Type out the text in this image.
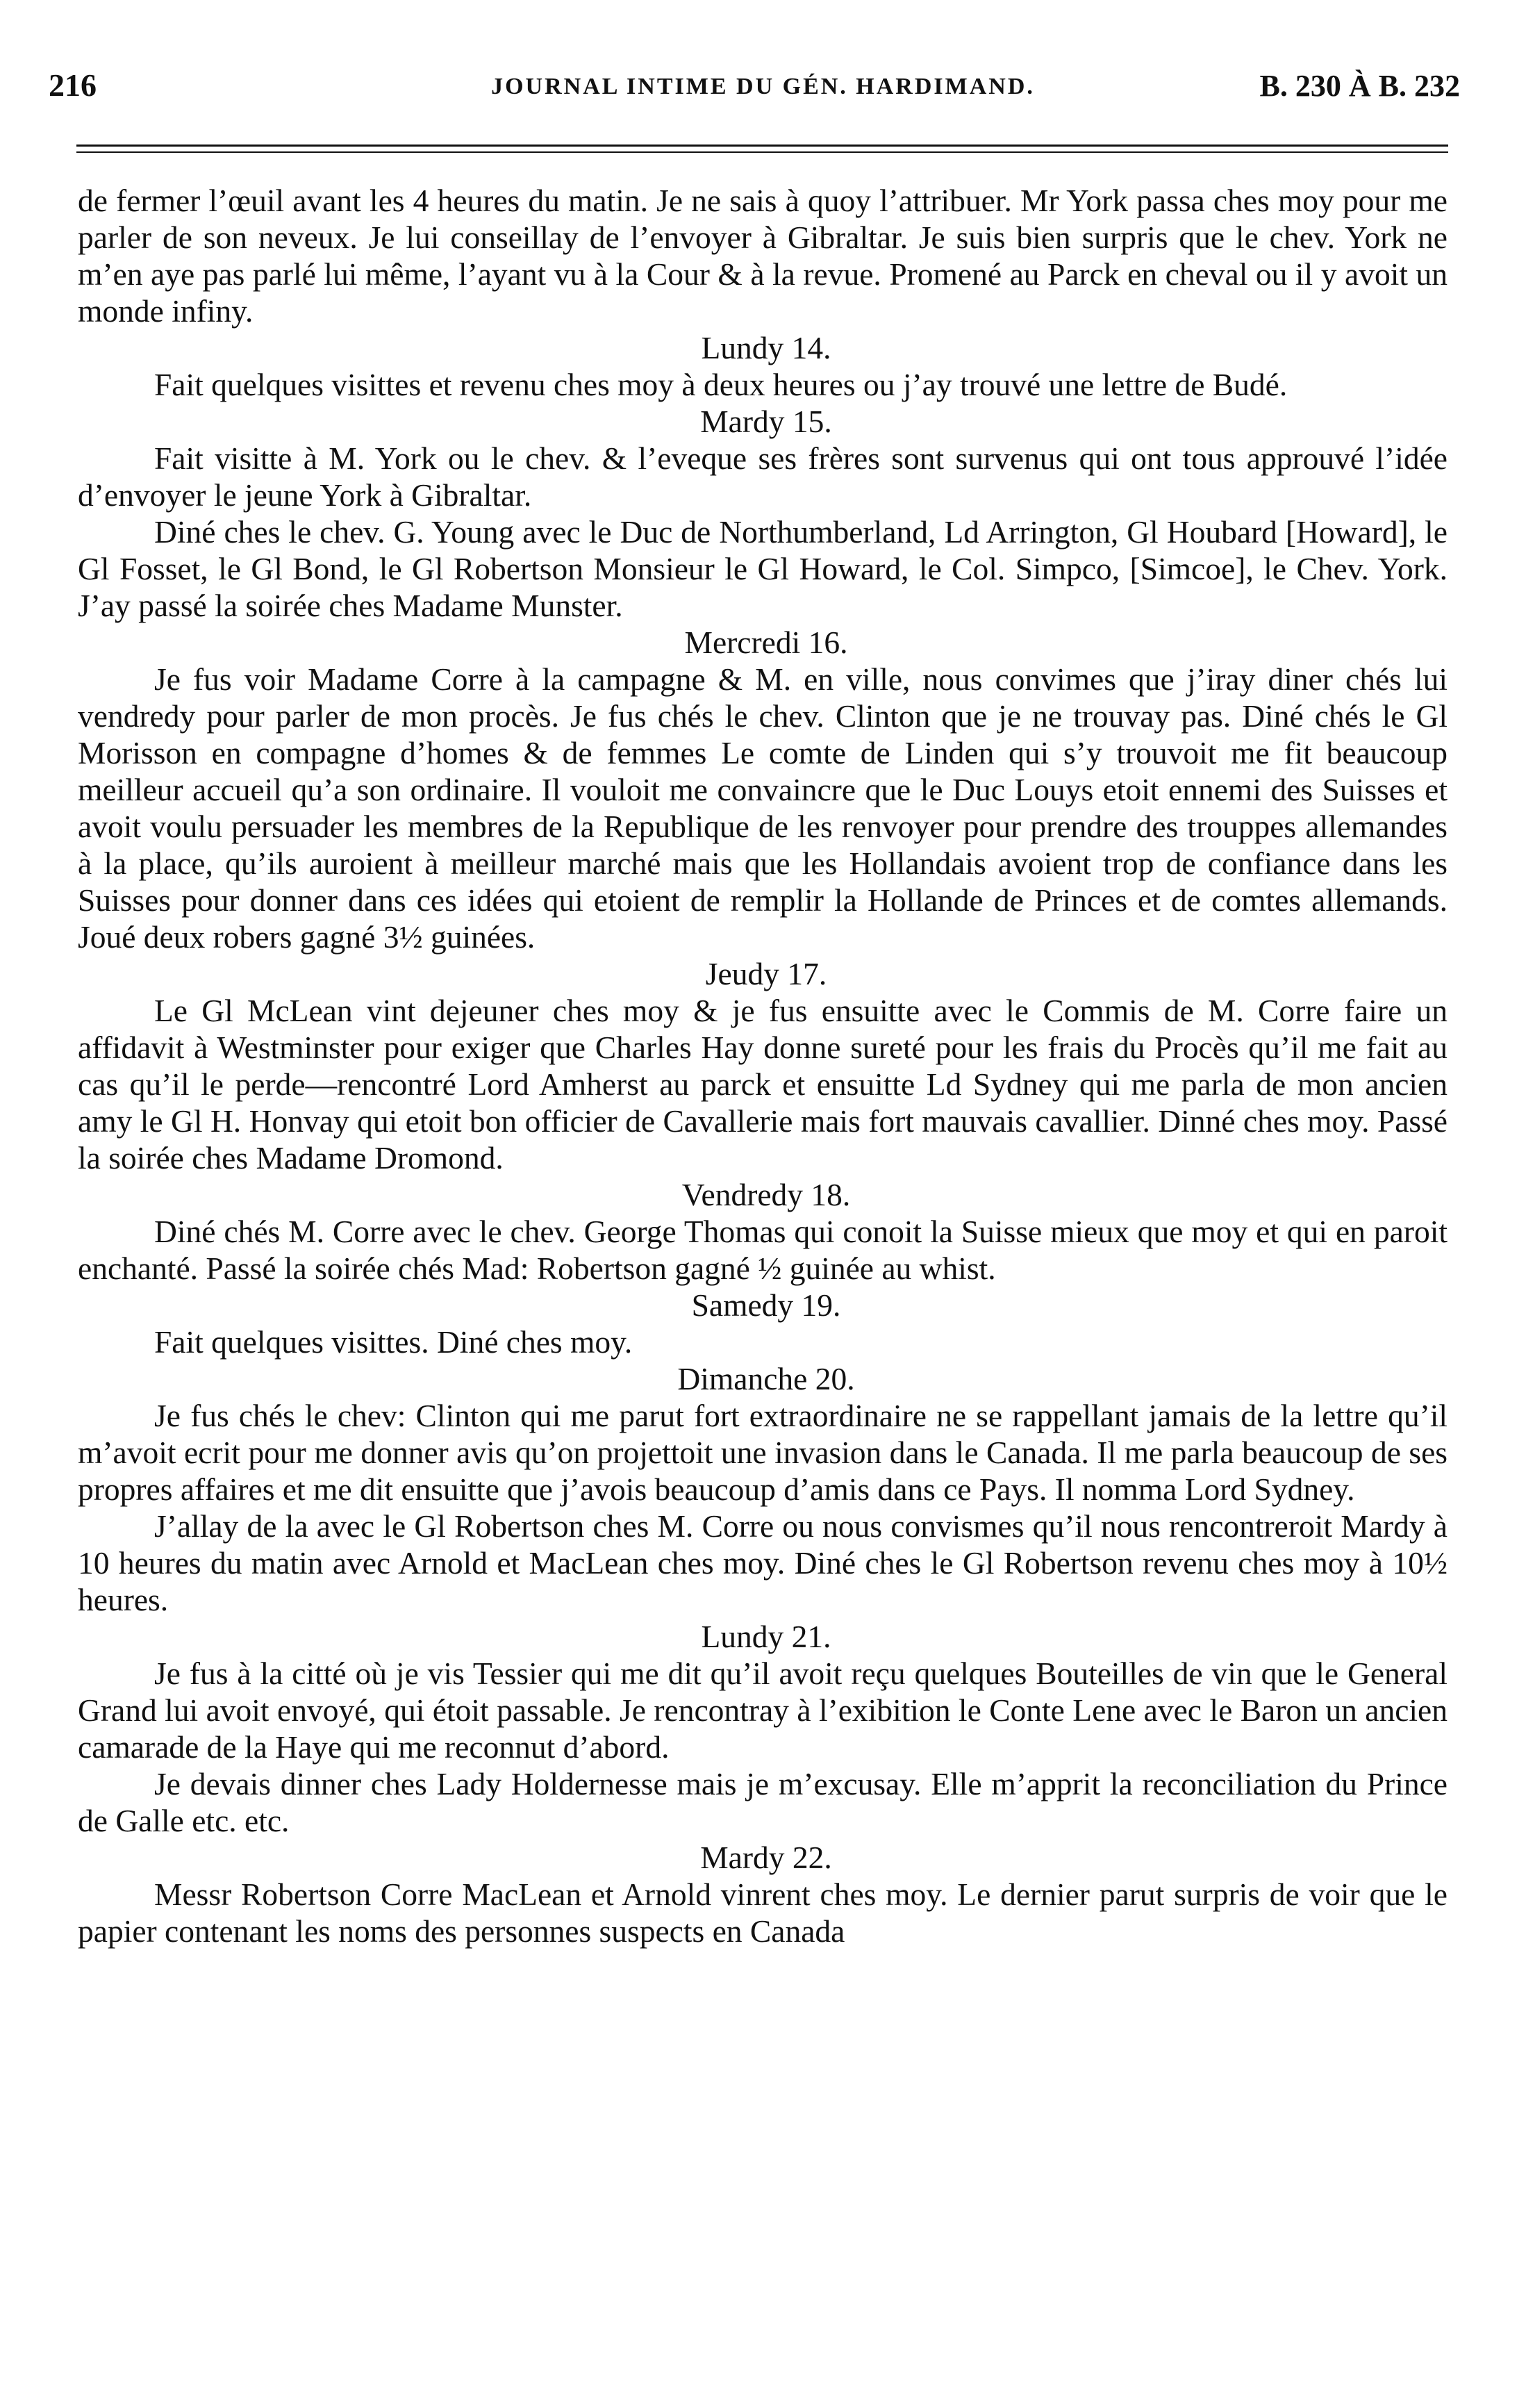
216	JOURNAL INTIME DU GÉN. HARDIMAND.	B. 230 À B. 232

de fermer l’œuil avant les 4 heures du matin. Je ne sais à quoy l’attribuer. Mr York passa ches moy pour me parler de son neveux. Je lui conseillay de l’envoyer à Gibraltar. Je suis bien surpris que le chev. York ne m’en aye pas parlé lui même, l’ayant vu à la Cour & à la revue. Promené au Parck en cheval ou il y avoit un monde infiny.

Lundy 14.

Fait quelques visittes et revenu ches moy à deux heures ou j’ay trouvé une lettre de Budé.

Mardy 15.

Fait visitte à M. York ou le chev. & l’eveque ses frères sont survenus qui ont tous approuvé l’idée d’envoyer le jeune York à Gibraltar.

Diné ches le chev. G. Young avec le Duc de Northumberland, Ld Arrington, Gl Houbard [Howard], le Gl Fosset, le Gl Bond, le Gl Robertson Monsieur le Gl Howard, le Col. Simpco, [Simcoe], le Chev. York. J’ay passé la soirée ches Madame Munster.

Mercredi 16.

Je fus voir Madame Corre à la campagne & M. en ville, nous convimes que j’iray diner chés lui vendredy pour parler de mon procès. Je fus chés le chev. Clinton que je ne trouvay pas. Diné chés le Gl Morisson en compagne d’homes & de femmes Le comte de Linden qui s’y trouvoit me fit beaucoup meilleur accueil qu’a son ordinaire. Il vouloit me convaincre que le Duc Louys etoit ennemi des Suisses et avoit voulu persuader les membres de la Republique de les renvoyer pour prendre des trouppes allemandes à la place, qu’ils auroient à meilleur marché mais que les Hollandais avoient trop de confiance dans les Suisses pour donner dans ces idées qui etoient de remplir la Hollande de Princes et de comtes allemands. Joué deux robers gagné 3½ guinées.

Jeudy 17.

Le Gl McLean vint dejeuner ches moy & je fus ensuitte avec le Commis de M. Corre faire un affidavit à Westminster pour exiger que Charles Hay donne sureté pour les frais du Procès qu’il me fait au cas qu’il le perde—rencontré Lord Amherst au parck et ensuitte Ld Sydney qui me parla de mon ancien amy le Gl H. Honvay qui etoit bon officier de Cavallerie mais fort mauvais cavallier. Dinné ches moy. Passé la soirée ches Madame Dromond.

Vendredy 18.

Diné chés M. Corre avec le chev. George Thomas qui conoit la Suisse mieux que moy et qui en paroit enchanté. Passé la soirée chés Mad: Robertson gagné ½ guinée au whist.

Samedy 19.

Fait quelques visittes. Diné ches moy.

Dimanche 20.

Je fus chés le chev: Clinton qui me parut fort extraordinaire ne se rappellant jamais de la lettre qu’il m’avoit ecrit pour me donner avis qu’on projettoit une invasion dans le Canada. Il me parla beaucoup de ses propres affaires et me dit ensuitte que j’avois beaucoup d’amis dans ce Pays. Il nomma Lord Sydney.

J’allay de la avec le Gl Robertson ches M. Corre ou nous convismes qu’il nous rencontreroit Mardy à 10 heures du matin avec Arnold et MacLean ches moy. Diné ches le Gl Robertson revenu ches moy à 10½ heures.

Lundy 21.

Je fus à la citté où je vis Tessier qui me dit qu’il avoit reçu quelques Bouteilles de vin que le General Grand lui avoit envoyé, qui étoit passable. Je rencontray à l’exibition le Conte Lene avec le Baron un ancien camarade de la Haye qui me reconnut d’abord.

Je devais dinner ches Lady Holdernesse mais je m’excusay. Elle m’apprit la reconciliation du Prince de Galle etc. etc.

Mardy 22.

Messr Robertson Corre MacLean et Arnold vinrent ches moy. Le dernier parut surpris de voir que le papier contenant les noms des personnes suspects en Canada
